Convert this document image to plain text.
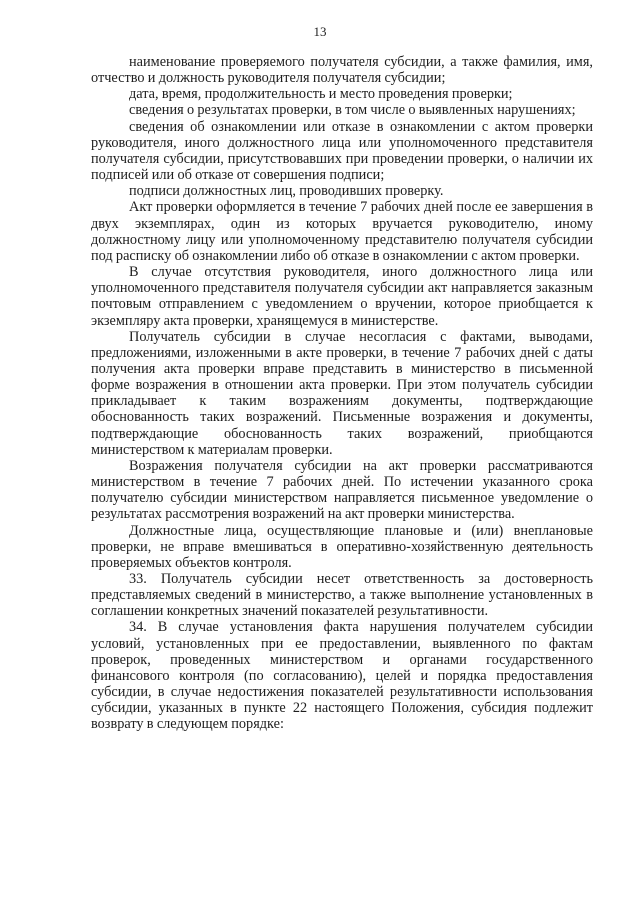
13

наименование проверяемого получателя субсидии, а также фамилия, имя, отчество и должность руководителя получателя субсидии;

дата, время, продолжительность и место проведения проверки;

сведения о результатах проверки, в том числе о выявленных нарушениях;

сведения об ознакомлении или отказе в ознакомлении с актом проверки руководителя, иного должностного лица или уполномоченного представителя получателя субсидии, присутствовавших при проведении проверки, о наличии их подписей или об отказе от совершения подписи;

подписи должностных лиц, проводивших проверку.

Акт проверки оформляется в течение 7 рабочих дней после ее завершения в двух экземплярах, один из которых вручается руководителю, иному должностному лицу или уполномоченному представителю получателя субсидии под расписку об ознакомлении либо об отказе в ознакомлении с актом проверки.

В случае отсутствия руководителя, иного должностного лица или уполномоченного представителя получателя субсидии акт направляется заказным почтовым отправлением с уведомлением о вручении, которое приобщается к экземпляру акта проверки, хранящемуся в министерстве.

Получатель субсидии в случае несогласия с фактами, выводами, предложениями, изложенными в акте проверки, в течение 7 рабочих дней с даты получения акта проверки вправе представить в министерство в письменной форме возражения в отношении акта проверки. При этом получатель субсидии прикладывает к таким возражениям документы, подтверждающие обоснованность таких возражений. Письменные возражения и документы, подтверждающие обоснованность таких возражений, приобщаются министерством к материалам проверки.

Возражения получателя субсидии на акт проверки рассматриваются министерством в течение 7 рабочих дней. По истечении указанного срока получателю субсидии министерством направляется письменное уведомление о результатах рассмотрения возражений на акт проверки министерства.

Должностные лица, осуществляющие плановые и (или) внеплановые проверки, не вправе вмешиваться в оперативно-хозяйственную деятельность проверяемых объектов контроля.

33. Получатель субсидии несет ответственность за достоверность представляемых сведений в министерство, а также выполнение установленных в соглашении конкретных значений показателей результативности.

34. В случае установления факта нарушения получателем субсидии условий, установленных при ее предоставлении, выявленного по фактам проверок, проведенных министерством и органами государственного финансового контроля (по согласованию), целей и порядка предоставления субсидии, в случае недостижения показателей результативности использования субсидии, указанных в пункте 22 настоящего Положения, субсидия подлежит возврату в следующем порядке:
